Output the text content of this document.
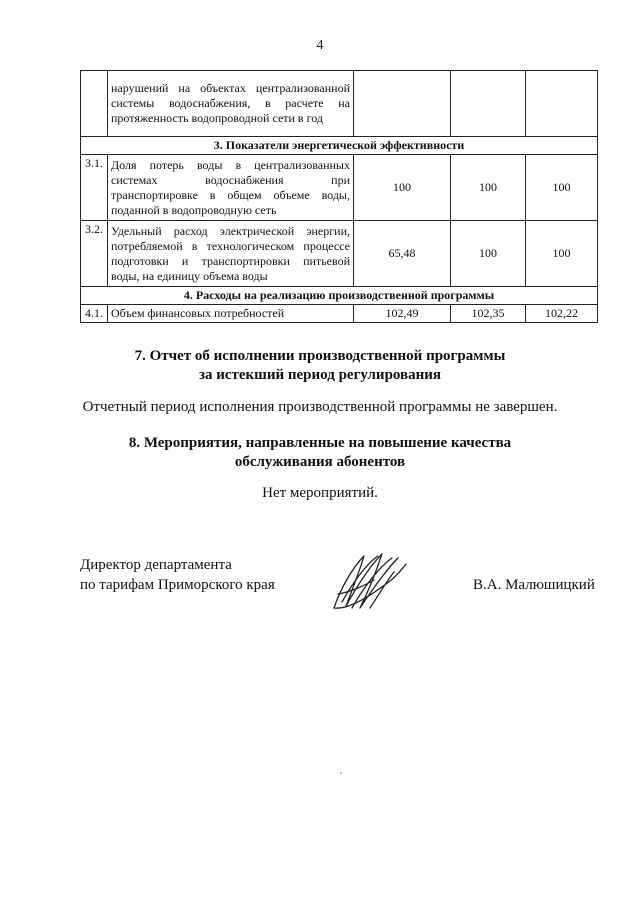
4
	нарушений на объектах централизованной системы водоснабжения, в расчете на протяженность водопроводной сети в год			
3. Показатели энергетической эффективности				
3.1.	Доля потерь воды в централизованных системах водоснабжения при транспортировке в общем объеме воды, поданной в водопроводную сеть	100	100	100
3.2.	Удельный расход электрической энергии, потребляемой в технологическом процессе подготовки и транспортировки питьевой воды, на единицу объема воды	65,48	100	100
4. Расходы на реализацию производственной программы				
4.1.	Объем финансовых потребностей	102,49	102,35	102,22
7. Отчет об исполнении производственной программы
за истекший период регулирования
Отчетный период исполнения производственной программы не завершен.
8. Мероприятия, направленные на повышение качества
обслуживания абонентов
Нет мероприятий.
Директор департамента
по тарифам Приморского края	В.А. Малюшицкий
